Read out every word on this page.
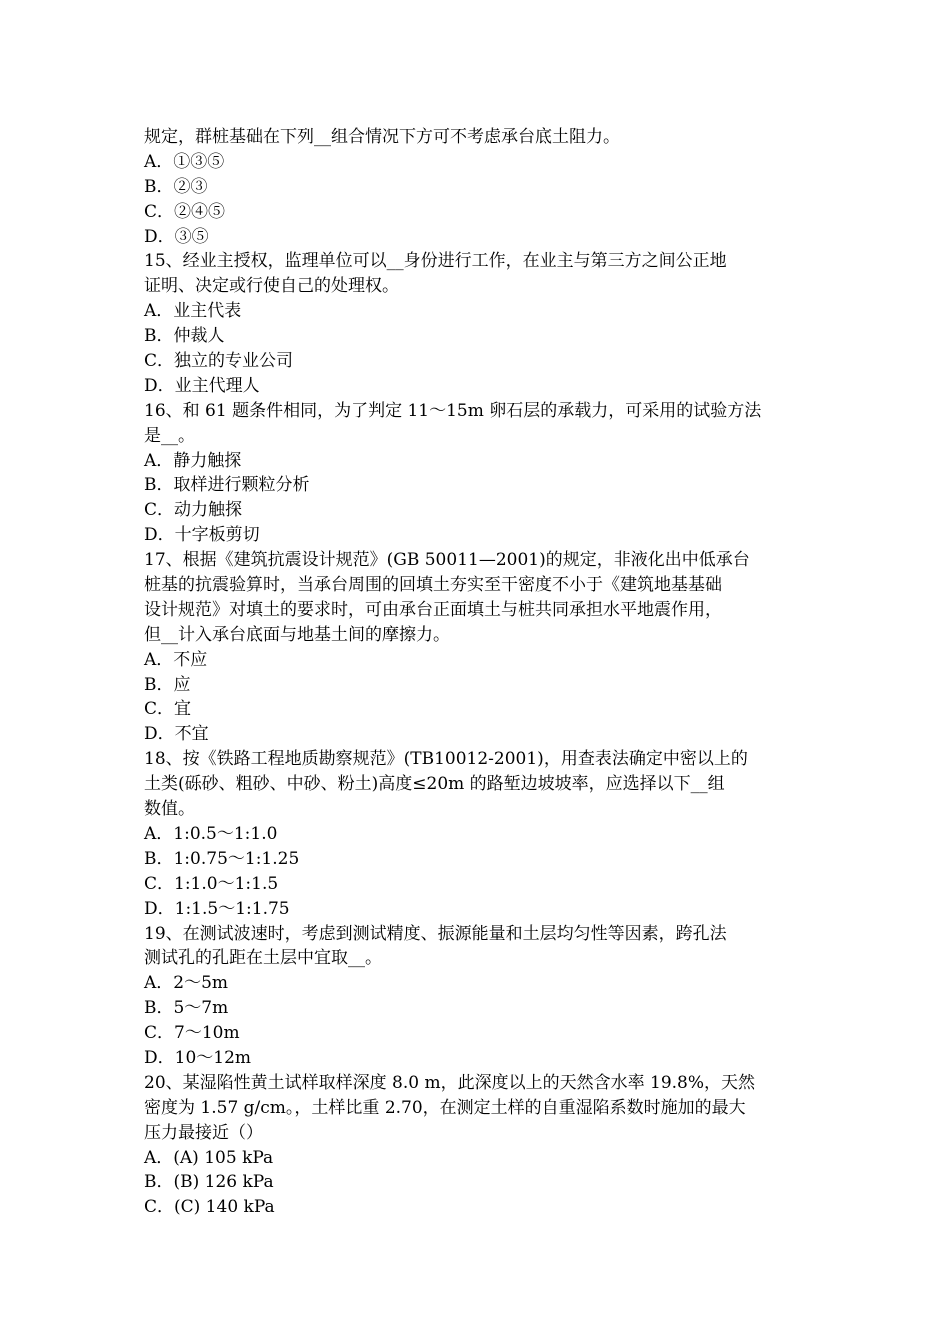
规定，群桩基础在下列__组合情况下方可不考虑承台底土阻力。
A．①③⑤
B．②③
C．②④⑤
D．③⑤
15、经业主授权，监理单位可以__身份进行工作，在业主与第三方之间公正地
证明、决定或行使自己的处理权。
A．业主代表
B．仲裁人
C．独立的专业公司
D．业主代理人
16、和 61 题条件相同，为了判定 11～15m 卵石层的承载力，可采用的试验方法
是__。
A．静力触探
B．取样进行颗粒分析
C．动力触探
D．十字板剪切
17、根据《建筑抗震设计规范》(GB 50011—2001)的规定，非液化出中低承台
桩基的抗震验算时，当承台周围的回填土夯实至干密度不小于《建筑地基基础
设计规范》对填土的要求时，可由承台正面填土与桩共同承担水平地震作用，
但__计入承台底面与地基土间的摩擦力。
A．不应
B．应
C．宜
D．不宜
18、按《铁路工程地质勘察规范》(TB10012-2001)，用查表法确定中密以上的
土类(砾砂、粗砂、中砂、粉土)高度≤20m 的路堑边坡坡率，应选择以下__组
数值。
A．1:0.5～1:1.0
B．1:0.75～1:1.25
C．1:1.0～1:1.5
D．1:1.5～1:1.75
19、在测试波速时，考虑到测试精度、振源能量和土层均匀性等因素，跨孔法
测试孔的孔距在土层中宜取__。
A．2～5m
B．5～7m
C．7～10m
D．10～12m
20、某湿陷性黄土试样取样深度 8.0 m，此深度以上的天然含水率 19.8%，天然
密度为 1.57 g/cm。，土样比重 2.70，在测定土样的自重湿陷系数时施加的最大
压力最接近（）
A．(A) 105 kPa
B．(B) 126 kPa
C．(C) 140 kPa
